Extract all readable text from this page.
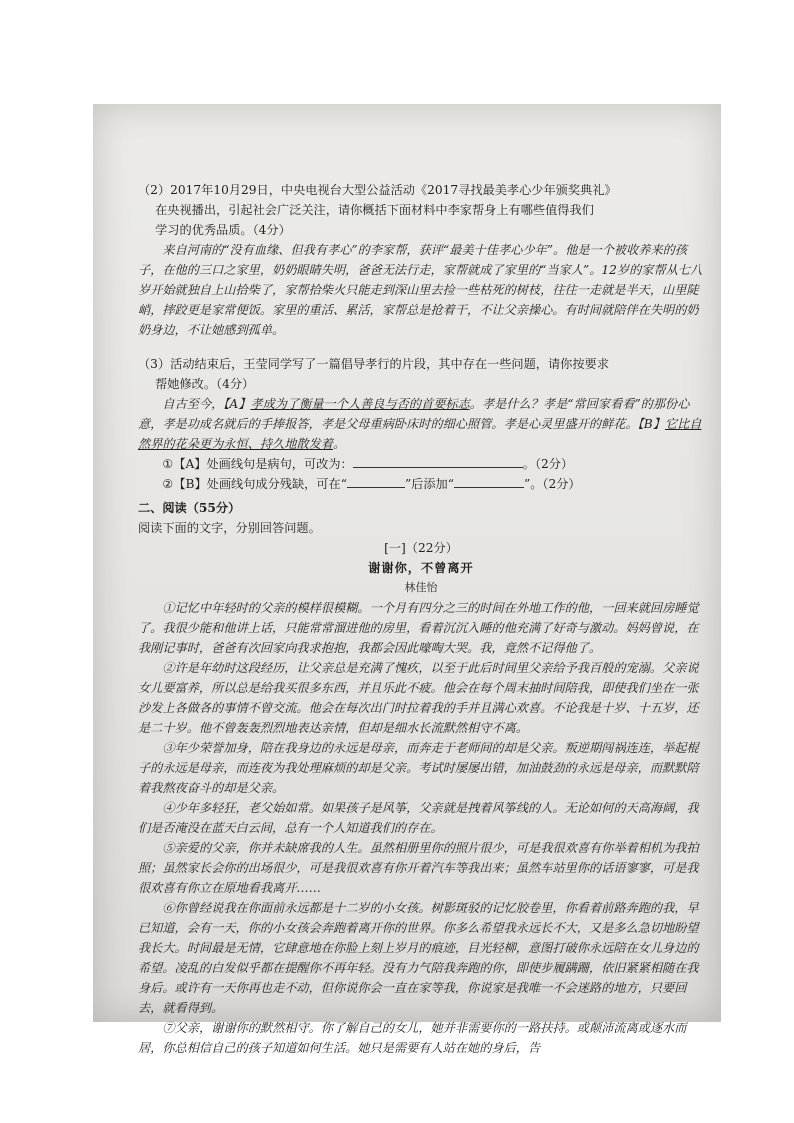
（2）2017年10月29日，中央电视台大型公益活动《2017寻找最美孝心少年颁奖典礼》

在央视播出，引起社会广泛关注，请你概括下面材料中李家帮身上有哪些值得我们

学习的优秀品质。（4分）

来自河南的“没有血缘、但我有孝心”的李家帮，获评“最美十佳孝心少年”。他是一个被收养来的孩子，在他的三口之家里，奶奶眼睛失明，爸爸无法行走，家帮就成了家里的“当家人”。12岁的家帮从七八岁开始就独自上山拾柴了，家帮拾柴火只能走到深山里去捡一些枯死的树枝，往往一走就是半天，山里陡峭，摔跤更是家常便饭。家里的重活、累活，家帮总是抢着干，不让父亲操心。有时间就陪伴在失明的奶奶身边，不让她感到孤单。

（3）活动结束后，王莹同学写了一篇倡导孝行的片段，其中存在一些问题，请你按要求

帮她修改。（4分）

自古至今，【A】孝成为了衡量一个人善良与否的首要标志。孝是什么？孝是“常回家看看”的那份心意，孝是功成名就后的手捧报答，孝是父母重病卧床时的细心照管。孝是心灵里盛开的鲜花。【B】它比自然界的花朵更为永恒、持久地散发着。

①【A】处画线句是病句，可改为：	。（2分）

②【B】处画线句成分残缺，可在“	”后添加“	”。（2分）

二、阅读（55分）

阅读下面的文字，分别回答问题。

[一]（22分）

谢谢你，不曾离开

林佳怡

①记忆中年轻时的父亲的模样很模糊。一个月有四分之三的时间在外地工作的他，一回来就回房睡觉了。我很少能和他讲上话，只能常常溜进他的房里，看着沉沉入睡的他充满了好奇与激动。妈妈曾说，在我刚记事时，爸爸有次回家向我求抱抱，我都会因此嚎啕大哭。我，竟然不记得他了。

②许是年幼时这段经历，让父亲总是充满了愧疚，以至于此后时间里父亲给予我百般的宠溺。父亲说女儿要富养，所以总是给我买很多东西，并且乐此不疲。他会在每个周末抽时间陪我，即使我们坐在一张沙发上各做各的事情不曾交流。他会在每次出门时拉着我的手并且满心欢喜。不论我是十岁、十五岁，还是二十岁。他不曾轰轰烈烈地表达亲情，但却是细水长流默然相守不离。

③年少荣誉加身，陪在我身边的永远是母亲，而奔走于老师间的却是父亲。叛逆期闯祸连连，举起棍子的永远是母亲，而连夜为我处理麻烦的却是父亲。考试时屡屡出错，加油鼓劲的永远是母亲，而默默陪着我熬夜奋斗的却是父亲。

④少年多轻狂，老父始如常。如果孩子是风筝，父亲就是拽着风筝线的人。无论如何的天高海阔，我们是否淹没在蓝天白云间，总有一个人知道我们的存在。

⑤亲爱的父亲，你并未缺席我的人生。虽然相册里你的照片很少，可是我很欢喜有你举着相机为我拍照；虽然家长会你的出场很少，可是我很欢喜有你开着汽车等我出来；虽然车站里你的话语寥寥，可是我很欢喜有你立在原地看我离开……

⑥你曾经说我在你面前永远都是十二岁的小女孩。树影斑驳的记忆胶卷里，你看着前路奔跑的我，早已知道，会有一天，你的小女孩会奔跑着离开你的世界。你多么希望我永远长不大，又是多么急切地盼望我长大。时间最是无情，它肆意地在你脸上刻上岁月的痕迹，目光轻柳，意图打破你永远陪在女儿身边的希望。凌乱的白发似乎都在提醒你不再年轻。没有力气陪我奔跑的你，即使步履蹒跚，依旧紧紧相随在我身后。或许有一天你再也走不动，但你说你会一直在家等我，你说家是我唯一不会迷路的地方，只要回去，就看得到。

⑦父亲，谢谢你的默然相守。你了解自己的女儿，她并非需要你的一路扶持。或颠沛流离或逐水而居，你总相信自己的孩子知道如何生活。她只是需要有人站在她的身后，告
